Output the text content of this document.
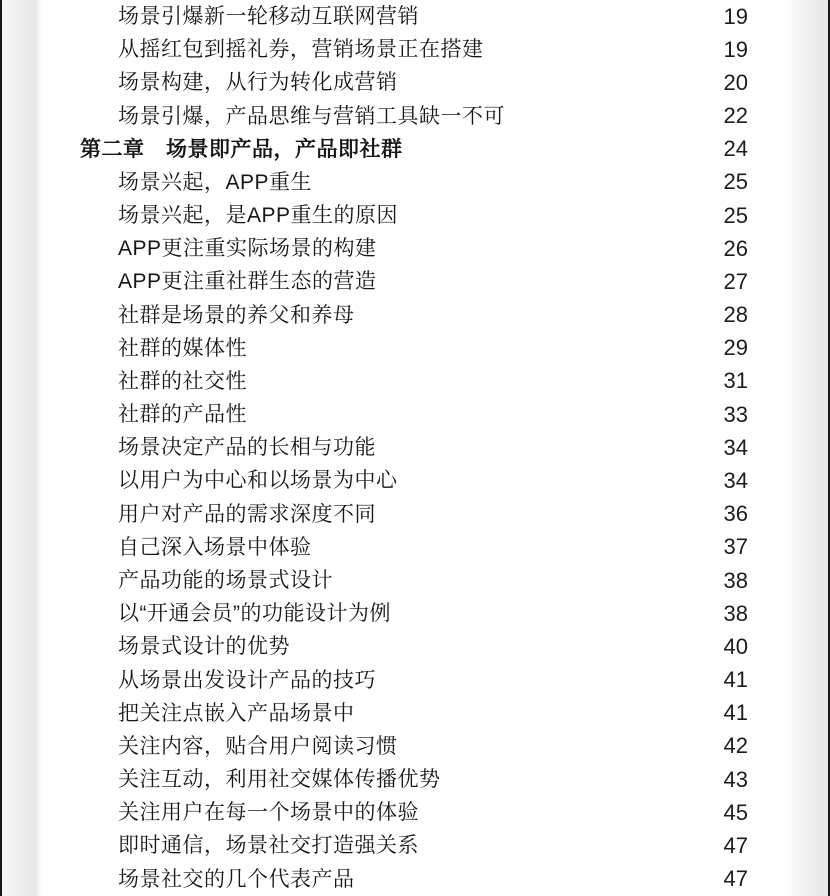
场景引爆新一轮移动互联网营销	19
从摇红包到摇礼券，营销场景正在搭建	19
场景构建，从行为转化成营销	20
场景引爆，产品思维与营销工具缺一不可	22
第二章　场景即产品，产品即社群	24
场景兴起，APP重生	25
场景兴起，是APP重生的原因	25
APP更注重实际场景的构建	26
APP更注重社群生态的营造	27
社群是场景的养父和养母	28
社群的媒体性	29
社群的社交性	31
社群的产品性	33
场景决定产品的长相与功能	34
以用户为中心和以场景为中心	34
用户对产品的需求深度不同	36
自己深入场景中体验	37
产品功能的场景式设计	38
以“开通会员”的功能设计为例	38
场景式设计的优势	40
从场景出发设计产品的技巧	41
把关注点嵌入产品场景中	41
关注内容，贴合用户阅读习惯	42
关注互动，利用社交媒体传播优势	43
关注用户在每一个场景中的体验	45
即时通信，场景社交打造强关系	47
场景社交的几个代表产品	47
